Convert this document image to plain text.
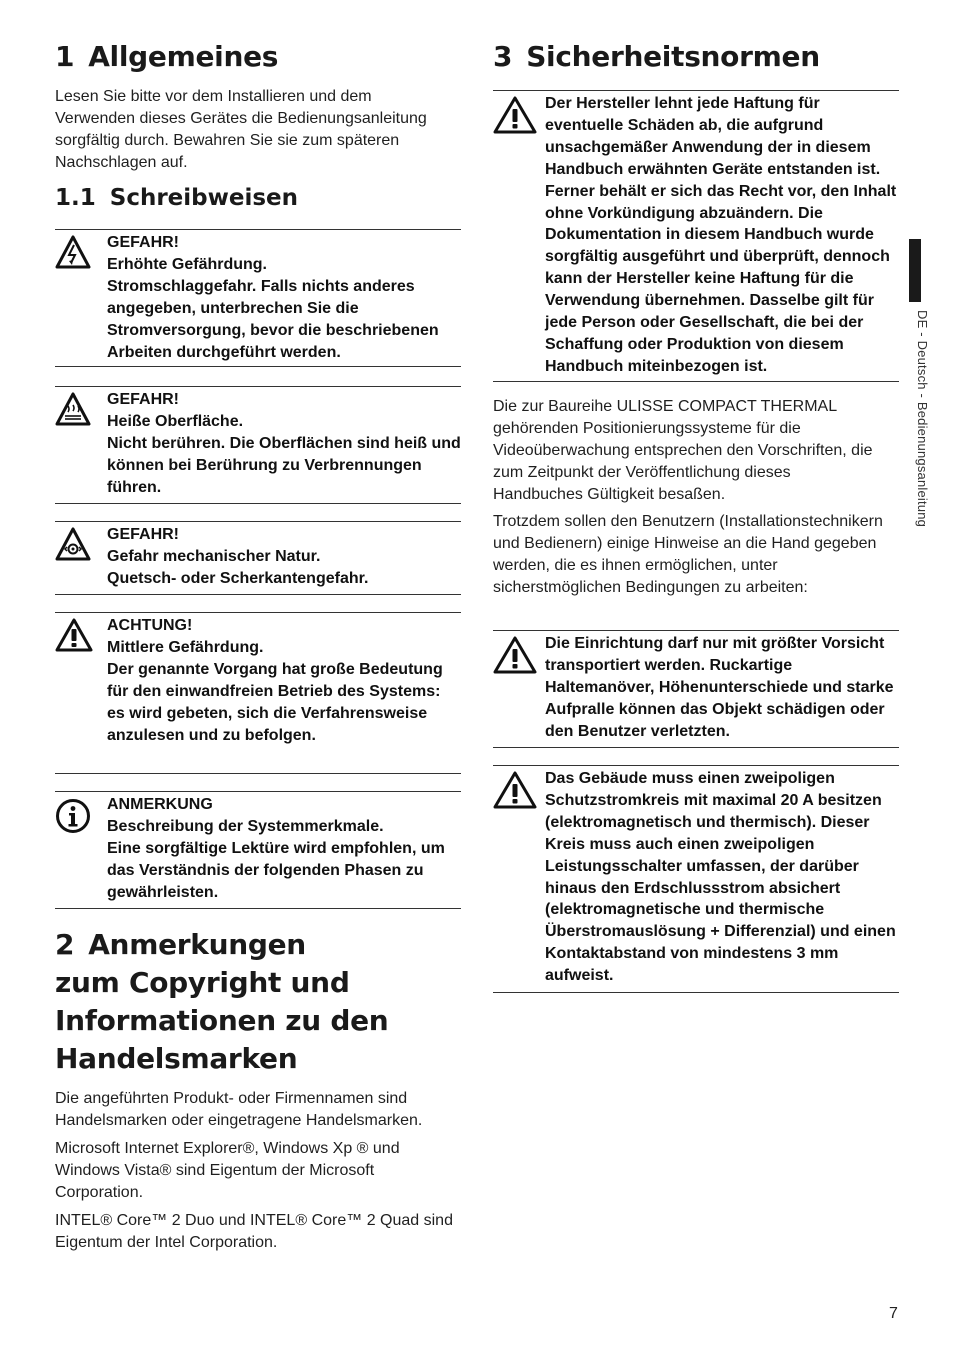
1 Allgemeines

Lesen Sie bitte vor dem Installieren und dem Verwenden dieses Gerätes die Bedienungsanleitung sorgfältig durch. Bewahren Sie sie zum späteren Nachschlagen auf.

1.1 Schreibweisen
GEFAHR!
Erhöhte Gefährdung.
Stromschlaggefahr. Falls nichts anderes angegeben, unterbrechen Sie die Stromversorgung, bevor die beschriebenen Arbeiten durchgeführt werden.
GEFAHR!
Heiße Oberfläche.
Nicht berühren. Die Oberflächen sind heiß und können bei Berührung zu Verbrennungen führen.
GEFAHR!
Gefahr mechanischer Natur.
Quetsch- oder Scherkantengefahr.
ACHTUNG!
Mittlere Gefährdung.
Der genannte Vorgang hat große Bedeutung für den einwandfreien Betrieb des Systems: es wird gebeten, sich die Verfahrensweise anzulesen und zu befolgen.
ANMERKUNG
Beschreibung der Systemmerkmale.
Eine sorgfältige Lektüre wird empfohlen, um das Verständnis der folgenden Phasen zu gewährleisten.
2 Anmerkungen
zum Copyright und
Informationen zu den
Handelsmarken

Die angeführten Produkt- oder Firmennamen sind Handelsmarken oder eingetragene Handelsmarken.

Microsoft Internet Explorer®, Windows Xp ® und Windows Vista® sind Eigentum der Microsoft Corporation.

INTEL® Core™ 2 Duo und INTEL® Core™ 2 Quad sind Eigentum der Intel Corporation.

3 Sicherheitsnormen
Der Hersteller lehnt jede Haftung für eventuelle Schäden ab, die aufgrund unsachgemäßer Anwendung der in diesem Handbuch erwähnten Geräte entstanden ist. Ferner behält er sich das Recht vor, den Inhalt ohne Vorkündigung abzuändern. Die Dokumentation in diesem Handbuch wurde sorgfältig ausgeführt und überprüft, dennoch kann der Hersteller keine Haftung für die Verwendung übernehmen. Dasselbe gilt für jede Person oder Gesellschaft, die bei der Schaffung oder Produktion von diesem Handbuch miteinbezogen ist.

Die zur Baureihe ULISSE COMPACT THERMAL gehörenden Positionierungssysteme für die Videoüberwachung entsprechen den Vorschriften, die zum Zeitpunkt der Veröffentlichung dieses Handbuches Gültigkeit besaßen.

Trotzdem sollen den Benutzern (Installationstechnikern und Bedienern) einige Hinweise an die Hand gegeben werden, die es ihnen ermöglichen, unter sicherstmöglichen Bedingungen zu arbeiten:

Die Einrichtung darf nur mit größter Vorsicht transportiert werden. Ruckartige Haltemanöver, Höhenunterschiede und starke Aufpralle können das Objekt schädigen oder den Benutzer verletzten.
Das Gebäude muss einen zweipoligen Schutzstromkreis mit maximal 20 A besitzen (elektromagnetisch und thermisch). Dieser Kreis muss auch einen zweipoligen Leistungsschalter umfassen, der darüber hinaus den Erdschlussstrom absichert (elektromagnetische und thermische Überstromauslösung + Differenzial) und einen Kontaktabstand von mindestens 3 mm aufweist.
DE - Deutsch - Bedienungsanleitung
7
